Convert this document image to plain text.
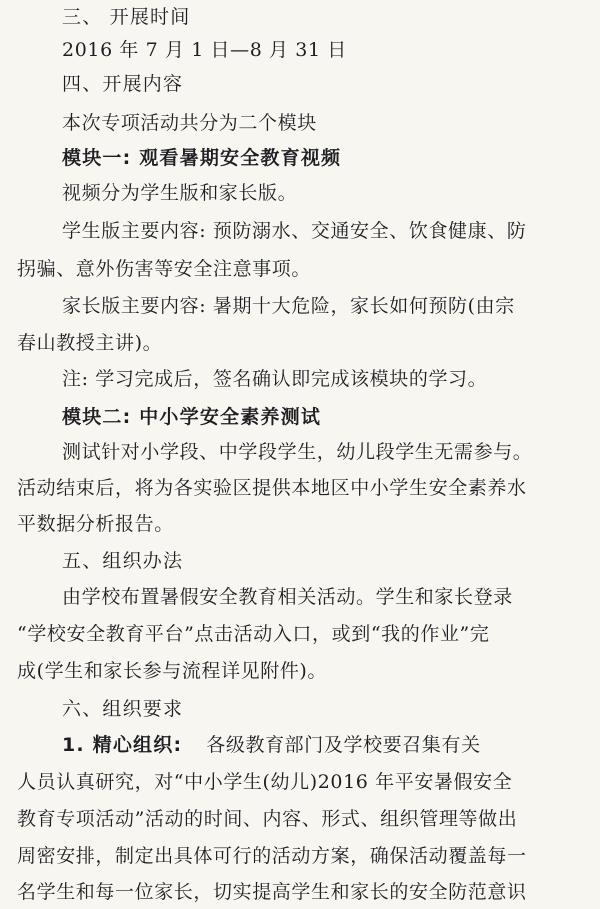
三、 开展时间
2016 年 7 月 1 日—8 月 31 日
四、开展内容
本次专项活动共分为二个模块
模块一: 观看暑期安全教育视频
视频分为学生版和家长版。
学生版主要内容: 预防溺水、交通安全、饮食健康、防
拐骗、意外伤害等安全注意事项。
家长版主要内容: 暑期十大危险，家长如何预防(由宗
春山教授主讲)。
注: 学习完成后，签名确认即完成该模块的学习。
模块二: 中小学安全素养测试
测试针对小学段、中学段学生，幼儿段学生无需参与。
活动结束后，将为各实验区提供本地区中小学生安全素养水
平数据分析报告。
五、组织办法
由学校布置暑假安全教育相关活动。学生和家长登录
“学校安全教育平台”点击活动入口，或到“我的作业”完
成(学生和家长参与流程详见附件)。
六、组织要求
1. 精心组织: 各级教育部门及学校要召集有关
人员认真研究，对“中小学生(幼儿)2016 年平安暑假安全
教育专项活动”活动的时间、内容、形式、组织管理等做出
周密安排，制定出具体可行的活动方案，确保活动覆盖每一
名学生和每一位家长，切实提高学生和家长的安全防范意识
